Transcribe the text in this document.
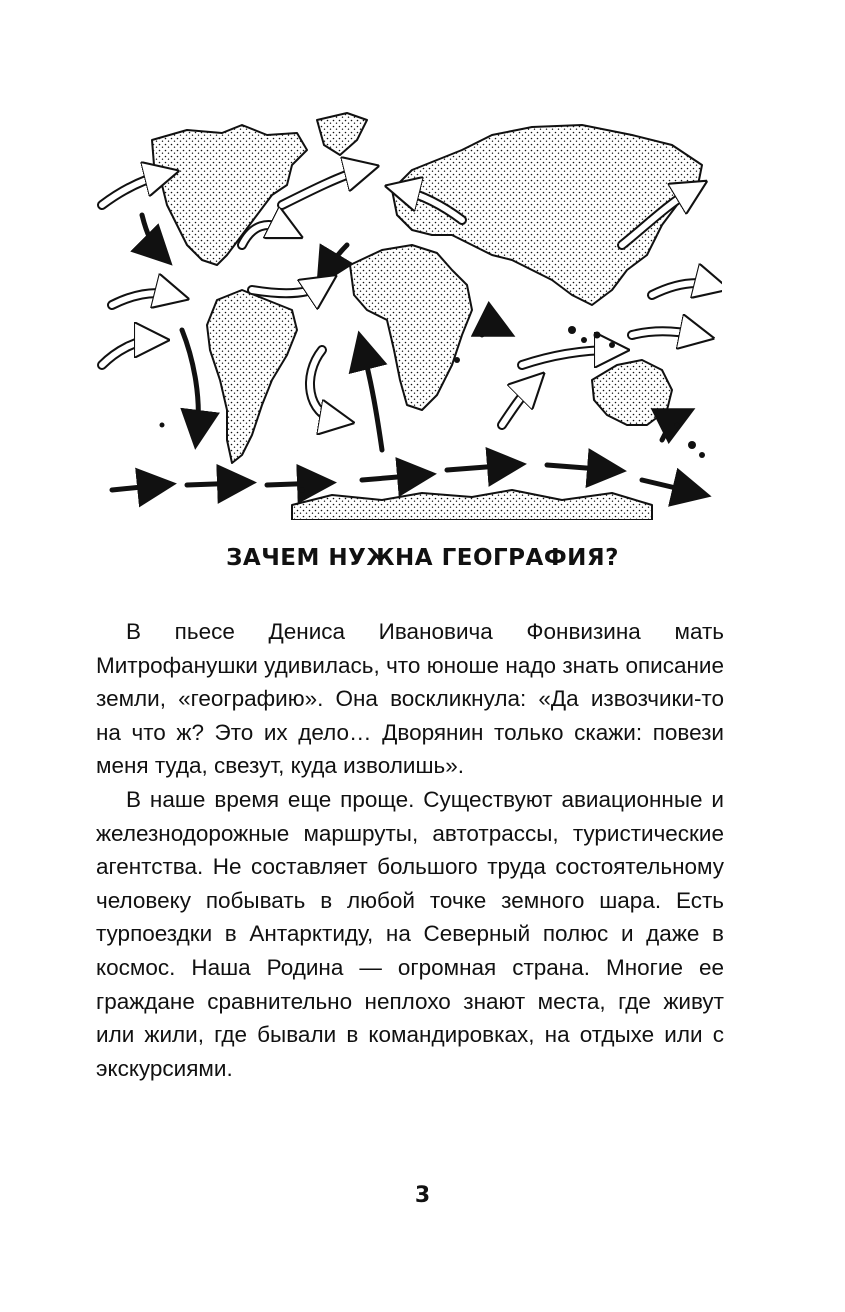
ЗАЧЕМ НУЖНА ГЕОГРАФИЯ?

В пьесе Дениса Ивановича Фонвизина мать Митрофанушки удивилась, что юноше надо знать описание земли, «географию». Она воскликнула: «Да извозчики-то на что ж? Это их дело… Дворянин только скажи: повези меня туда, свезут, куда изволишь».

В наше время еще проще. Существуют авиационные и железнодорожные маршруты, автотрассы, туристические агентства. Не составляет большого труда состоятельному человеку побывать в любой точке земного шара. Есть турпоездки в Антарктиду, на Северный полюс и даже в космос. Наша Родина — огромная страна. Многие ее граждане сравнительно неплохо знают места, где живут или жили, где бывали в командировках, на отдыхе или с экскурсиями.

3
